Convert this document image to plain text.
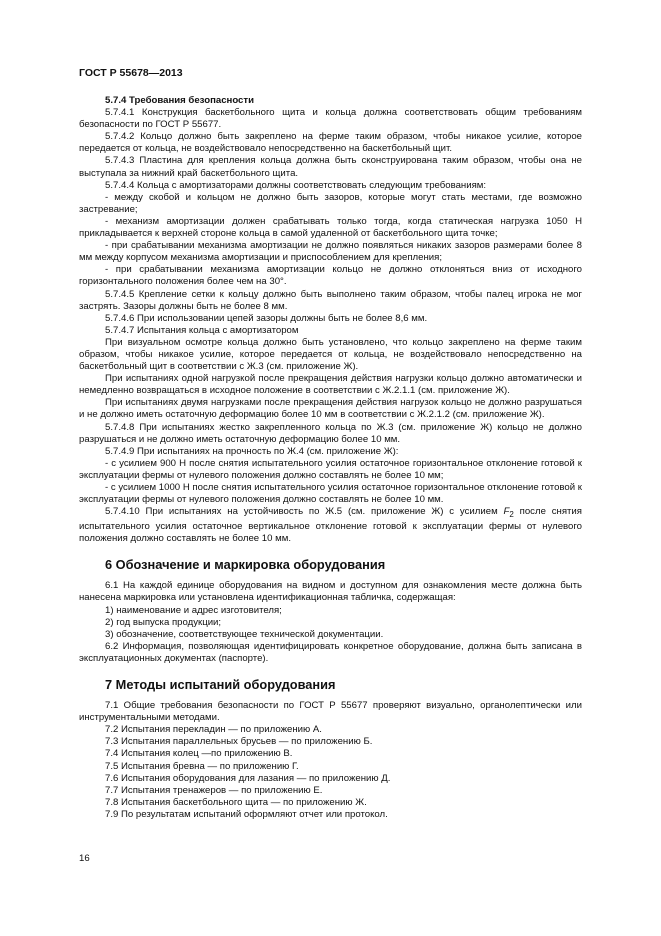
ГОСТ Р 55678—2013

5.7.4 Требования безопасности

5.7.4.1 Конструкция баскетбольного щита и кольца должна соответствовать общим требованиям безопасности по ГОСТ Р 55677.

5.7.4.2 Кольцо должно быть закреплено на ферме таким образом, чтобы никакое усилие, которое передается от кольца, не воздействовало непосредственно на баскетбольный щит.

5.7.4.3 Пластина для крепления кольца должна быть сконструирована таким образом, чтобы она не выступала за нижний край баскетбольного щита.

5.7.4.4 Кольца с амортизаторами должны соответствовать следующим требованиям:

- между скобой и кольцом не должно быть зазоров, которые могут стать местами, где возможно застревание;

- механизм амортизации должен срабатывать только тогда, когда статическая нагрузка 1050 Н прикладывается к верхней стороне кольца в самой удаленной от баскетбольного щита точке;

- при срабатывании механизма амортизации не должно появляться никаких зазоров размерами более 8 мм между корпусом механизма амортизации и приспособлением для крепления;

- при срабатывании механизма амортизации кольцо не должно отклоняться вниз от исходного горизонтального положения более чем на 30°.

5.7.4.5 Крепление сетки к кольцу должно быть выполнено таким образом, чтобы палец игрока не мог застрять. Зазоры должны быть не более 8 мм.

5.7.4.6 При использовании цепей зазоры должны быть не более 8,6 мм.

5.7.4.7 Испытания кольца с амортизатором

При визуальном осмотре кольца должно быть установлено, что кольцо закреплено на ферме таким образом, чтобы никакое усилие, которое передается от кольца, не воздействовало непосредственно на баскетбольный щит в соответствии с Ж.3 (см. приложение Ж).

При испытаниях одной нагрузкой после прекращения действия нагрузки кольцо должно автоматически и немедленно возвращаться в исходное положение в соответствии с Ж.2.1.1 (см. приложение Ж).

При испытаниях двумя нагрузками после прекращения действия нагрузок кольцо не должно разрушаться и не должно иметь остаточную деформацию более 10 мм в соответствии с Ж.2.1.2 (см. приложение Ж).

5.7.4.8 При испытаниях жестко закрепленного кольца по Ж.3 (см. приложение Ж) кольцо не должно разрушаться и не должно иметь остаточную деформацию более 10 мм.

5.7.4.9 При испытаниях на прочность по Ж.4 (см. приложение Ж):

- с усилием 900 Н после снятия испытательного усилия остаточное горизонтальное отклонение готовой к эксплуатации фермы от нулевого положения должно составлять не более 10 мм;

- с усилием 1000 Н после снятия испытательного усилия остаточное горизонтальное отклонение готовой к эксплуатации фермы от нулевого положения должно составлять не более 10 мм.

5.7.4.10 При испытаниях на устойчивость по Ж.5 (см. приложение Ж) с усилием $F_2$ после снятия испытательного усилия остаточное вертикальное отклонение готовой к эксплуатации фермы от нулевого положения должно составлять не более 10 мм.

6 Обозначение и маркировка оборудования

6.1 На каждой единице оборудования на видном и доступном для ознакомления месте должна быть нанесена маркировка или установлена идентификационная табличка, содержащая:

1) наименование и адрес изготовителя;

2) год выпуска продукции;

3) обозначение, соответствующее технической документации.

6.2 Информация, позволяющая идентифицировать конкретное оборудование, должна быть записана в эксплуатационных документах (паспорте).

7 Методы испытаний оборудования

7.1 Общие требования безопасности по ГОСТ Р 55677 проверяют визуально, органолептически или инструментальными методами.

7.2 Испытания перекладин — по приложению А.

7.3 Испытания параллельных брусьев — по приложению Б.

7.4 Испытания колец —по приложению В.

7.5 Испытания бревна — по приложению Г.

7.6 Испытания оборудования для лазания — по приложению Д.

7.7 Испытания тренажеров — по приложению Е.

7.8 Испытания баскетбольного щита — по приложению Ж.

7.9 По результатам испытаний оформляют отчет или протокол.

16
